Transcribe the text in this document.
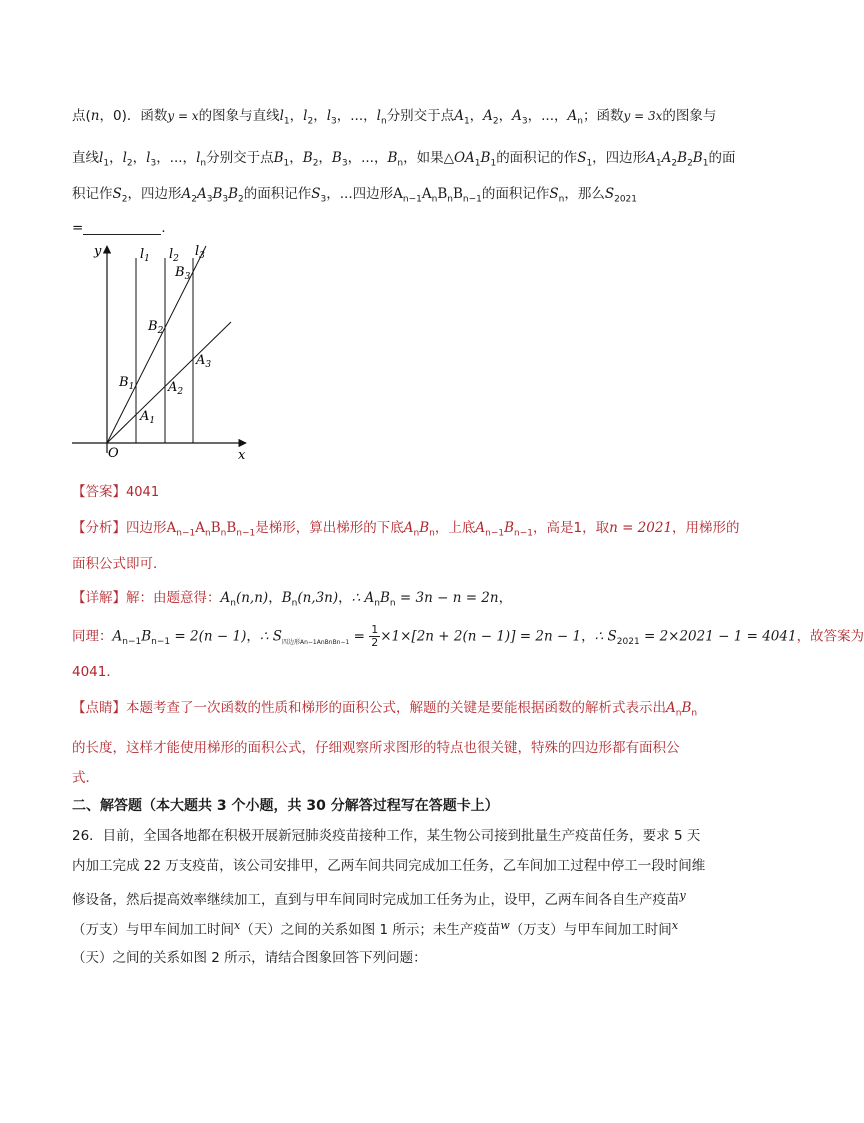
点(n，0)．函数y = x的图象与直线$l_1$，$l_2$，$l_3$，...，$l_n$分别交于点$A_1$，$A_2$，$A_3$，...，$A_n$；函数y = 3x的图象与
直线$l_1$，$l_2$，$l_3$，...，$l_n$分别交于点$B_1$，$B_2$，$B_3$，...，$B_n$，如果$\triangle OA_1B_1$的面积记的作$S_1$，四边形$A_1A_2B_2B_1$的面
积记作$S_2$，四边形$A_2A_3B_3B_2$的面积记作$S_3$，...四边形$A_{n-1}A_nB_nB_{n-1}$的面积记作$S_n$，那么$S_{2021}$
=	．
y
x
O
$l_1$ $l_2$ $l_3$
$B_1$
$B_2$
$B_3$
$A_1$
$A_2$
$A_3$
【答案】4041
【分析】四边形$A_{n-1}A_nB_nB_{n-1}$是梯形，算出梯形的下底$A_nB_n$，上底$A_{n-1}B_{n-1}$，高是1，取n = 2021，用梯形的
面积公式即可．
【详解】解：由题意得：$A_n(n,n)$，$B_n(n,3n)$，∴ $A_nB_n = 3n - n = 2n$，
同理：$A_{n-1}B_{n-1} = 2(n - 1)$，∴ $S_{四边形An-1AnBnBn-1} = \frac{1}{2} \times 1\times[2n + 2(n - 1)] = 2n - 1$，∴ $S_{2021} = 2\times 2021 - 1 = 4041$，故答案为
4041．
【点睛】本题考查了一次函数的性质和梯形的面积公式，解题的关键是要能根据函数的解析式表示出$A_nB_n$
的长度，这样才能使用梯形的面积公式，仔细观察所求图形的特点也很关键，特殊的四边形都有面积公
式．
二、解答题（本大题共 3 个小题，共 30 分解答过程写在答题卡上）
26．目前，全国各地都在积极开展新冠肺炎疫苗接种工作，某生物公司接到批量生产疫苗任务，要求 5 天
内加工完成 22 万支疫苗，该公司安排甲，乙两车间共同完成加工任务，乙车间加工过程中停工一段时间维
修设备，然后提高效率继续加工，直到与甲车间同时完成加工任务为止，设甲，乙两车间各自生产疫苗$^y$
（万支）与甲车间加工时间$^x$（天）之间的关系如图 1 所示；未生产疫苗$^w$（万支）与甲车间加工时间$^x$
（天）之间的关系如图 2 所示，请结合图象回答下列问题：
